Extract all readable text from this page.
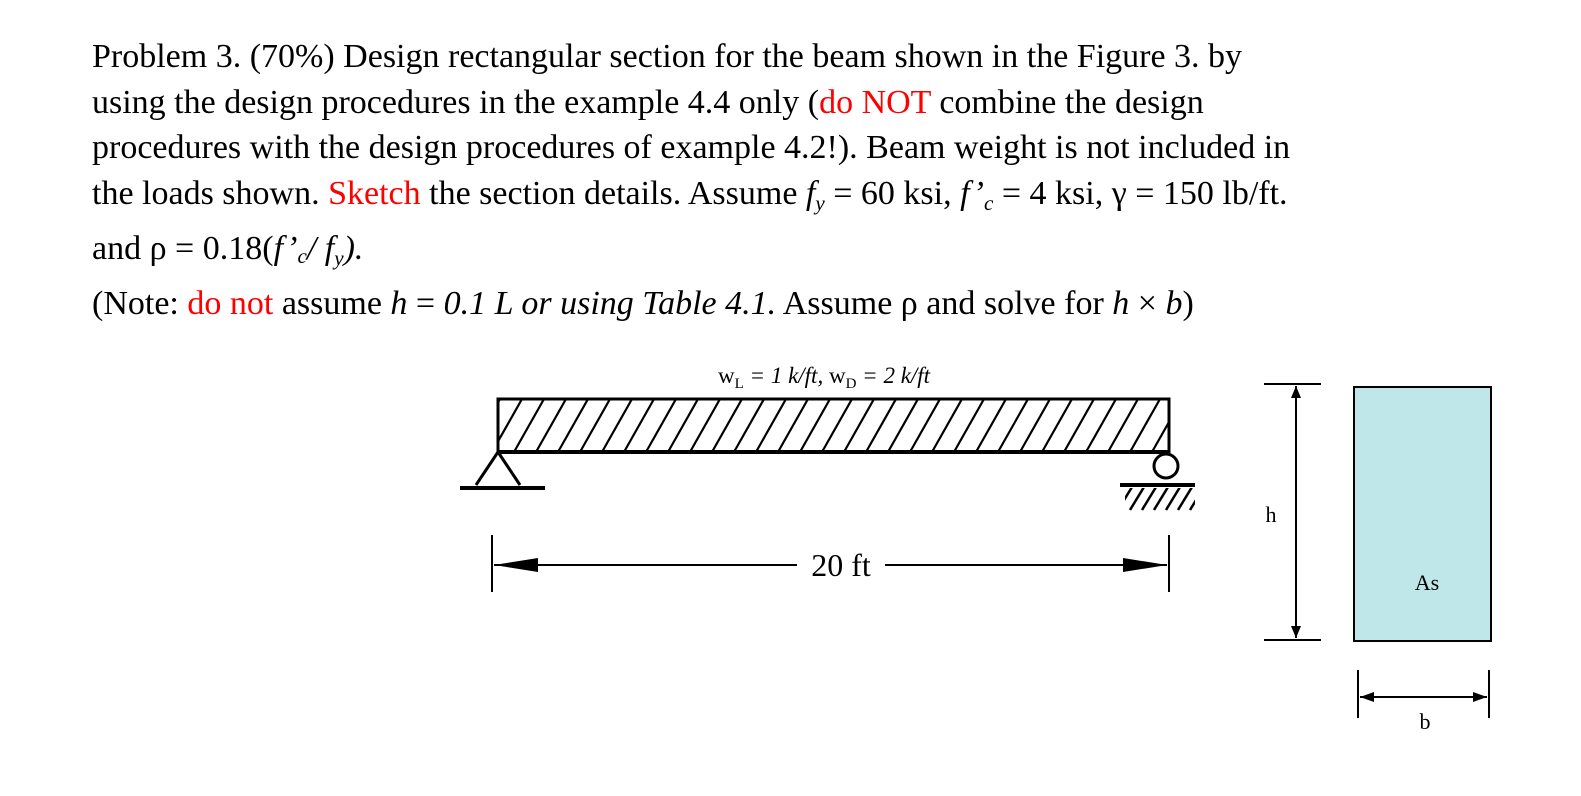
Problem 3. (70%) Design rectangular section for the beam shown in the Figure 3. by
using the design procedures in the example 4.4 only (do NOT combine the design
procedures with the design procedures of example 4.2!). Beam weight is not included in
the loads shown. Sketch the section details. Assume $f_y = 60$ ksi, $f’_c = 4$ ksi, γ = 150 lb/ft.
and ρ = 0.18(f’c/ $f_y$).
(Note: do not assume h = 0.1 L or using Table 4.1. Assume ρ and solve for h × b)
$w_L = 1$ k/ft, $w_D = 2$ k/ft
20 ft
h
As
b
